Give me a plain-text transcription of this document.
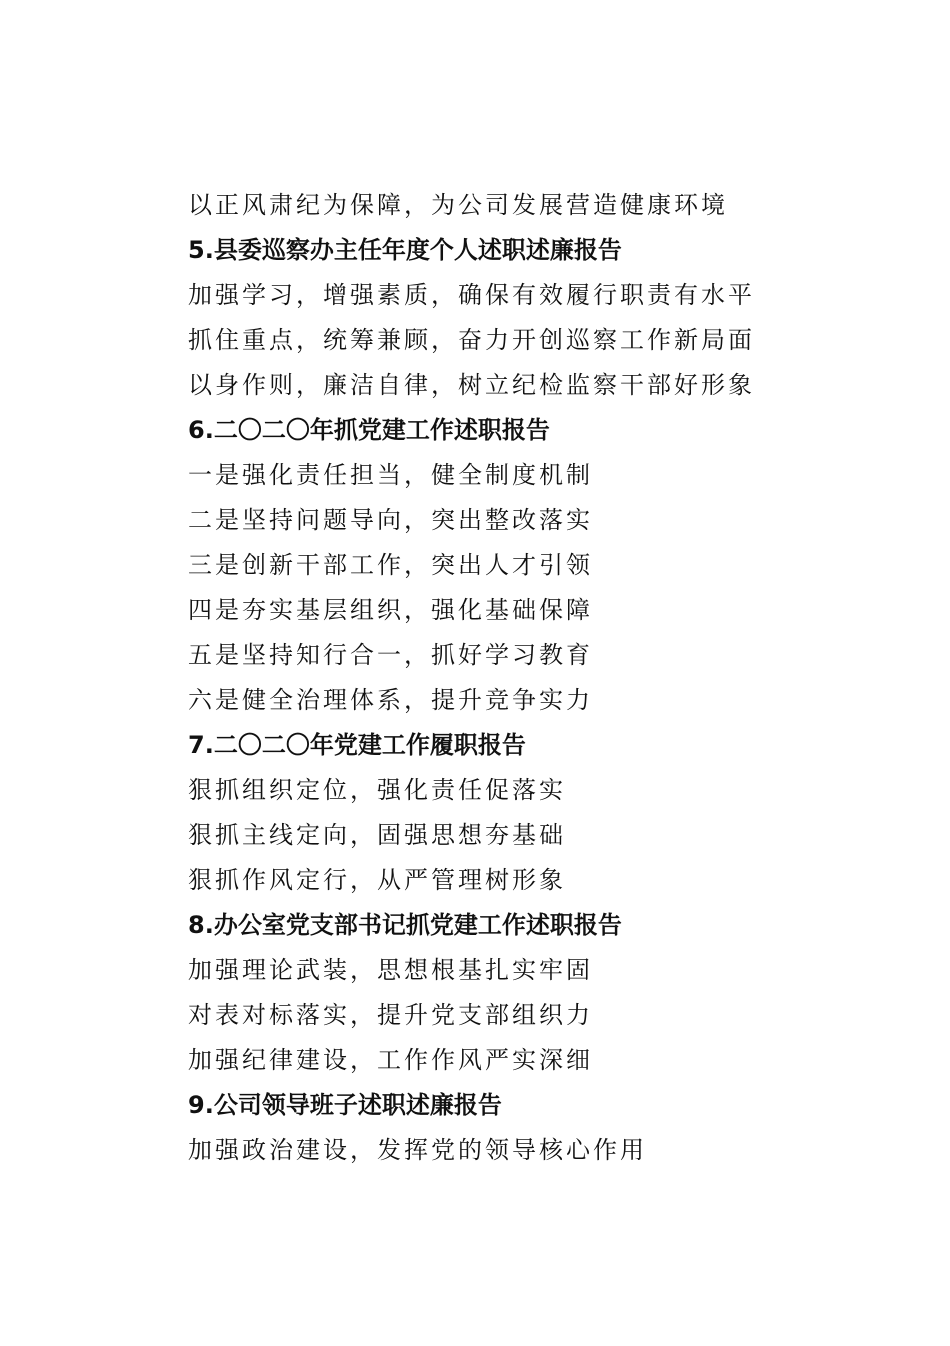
以正风肃纪为保障，为公司发展营造健康环境
5.县委巡察办主任年度个人述职述廉报告
加强学习，增强素质，确保有效履行职责有水平
抓住重点，统筹兼顾，奋力开创巡察工作新局面
以身作则，廉洁自律，树立纪检监察干部好形象
6.二〇二〇年抓党建工作述职报告
一是强化责任担当，健全制度机制
二是坚持问题导向，突出整改落实
三是创新干部工作，突出人才引领
四是夯实基层组织，强化基础保障
五是坚持知行合一，抓好学习教育
六是健全治理体系，提升竞争实力
7.二〇二〇年党建工作履职报告
狠抓组织定位，强化责任促落实
狠抓主线定向，固强思想夯基础
狠抓作风定行，从严管理树形象
8.办公室党支部书记抓党建工作述职报告
加强理论武装，思想根基扎实牢固
对表对标落实，提升党支部组织力
加强纪律建设，工作作风严实深细
9.公司领导班子述职述廉报告
加强政治建设，发挥党的领导核心作用
